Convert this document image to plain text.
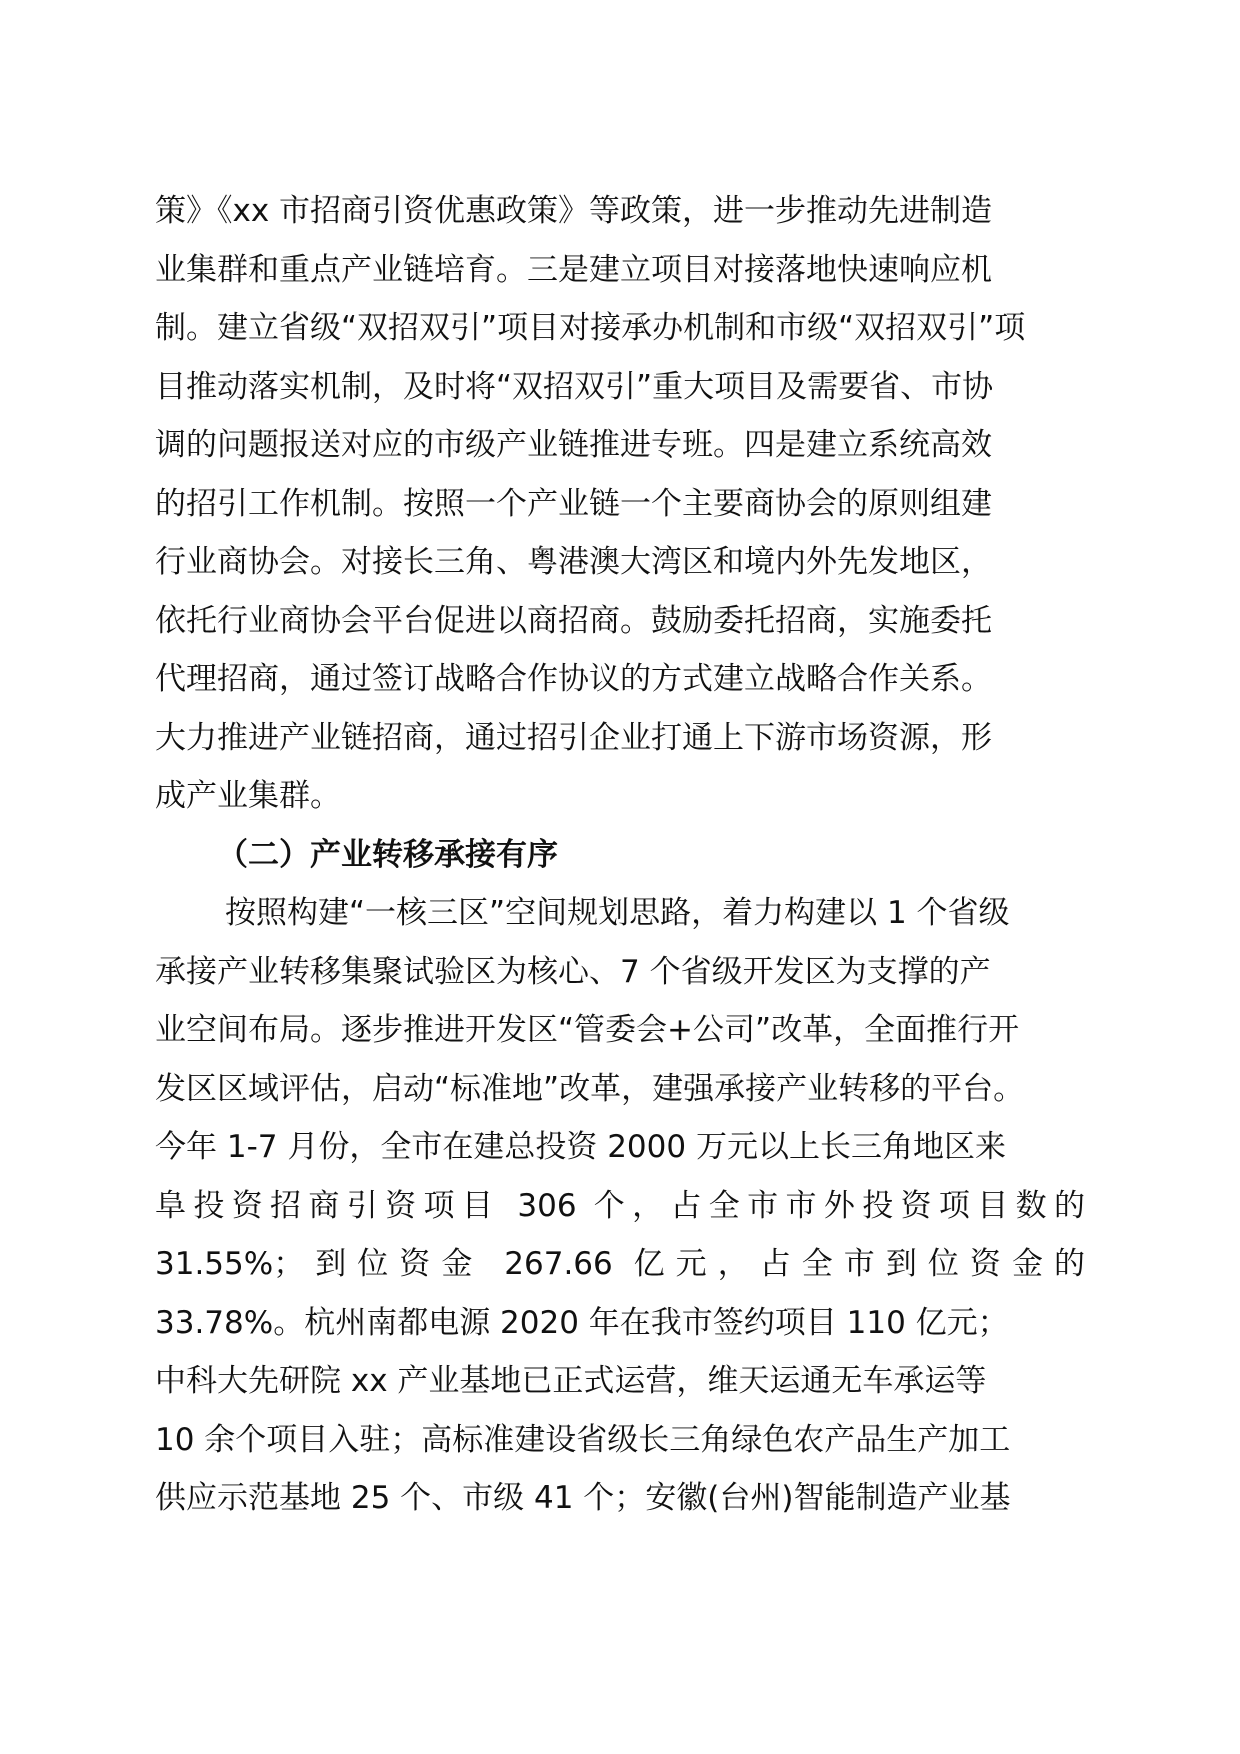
策》《xx 市招商引资优惠政策》等政策，进一步推动先进制造
业集群和重点产业链培育。三是建立项目对接落地快速响应机
制。建立省级“双招双引”项目对接承办机制和市级“双招双引”项
目推动落实机制，及时将“双招双引”重大项目及需要省、市协
调的问题报送对应的市级产业链推进专班。四是建立系统高效
的招引工作机制。按照一个产业链一个主要商协会的原则组建
行业商协会。对接长三角、粤港澳大湾区和境内外先发地区，
依托行业商协会平台促进以商招商。鼓励委托招商，实施委托
代理招商，通过签订战略合作协议的方式建立战略合作关系。
大力推进产业链招商，通过招引企业打通上下游市场资源，形
成产业集群。
（二）产业转移承接有序
按照构建“一核三区”空间规划思路，着力构建以 1 个省级
承接产业转移集聚试验区为核心、7 个省级开发区为支撑的产
业空间布局。逐步推进开发区“管委会+公司”改革，全面推行开
发区区域评估，启动“标准地”改革，建强承接产业转移的平台。
今年 1-7 月份，全市在建总投资 2000 万元以上长三角地区来
阜投资招商引资项目 306 个，占全市市外投资项目数的
31.55%；到位资金 267.66 亿元，占全市到位资金的
33.78%。杭州南都电源 2020 年在我市签约项目 110 亿元；
中科大先研院 xx 产业基地已正式运营，维天运通无车承运等
10 余个项目入驻；高标准建设省级长三角绿色农产品生产加工
供应示范基地 25 个、市级 41 个；安徽(台州)智能制造产业基
